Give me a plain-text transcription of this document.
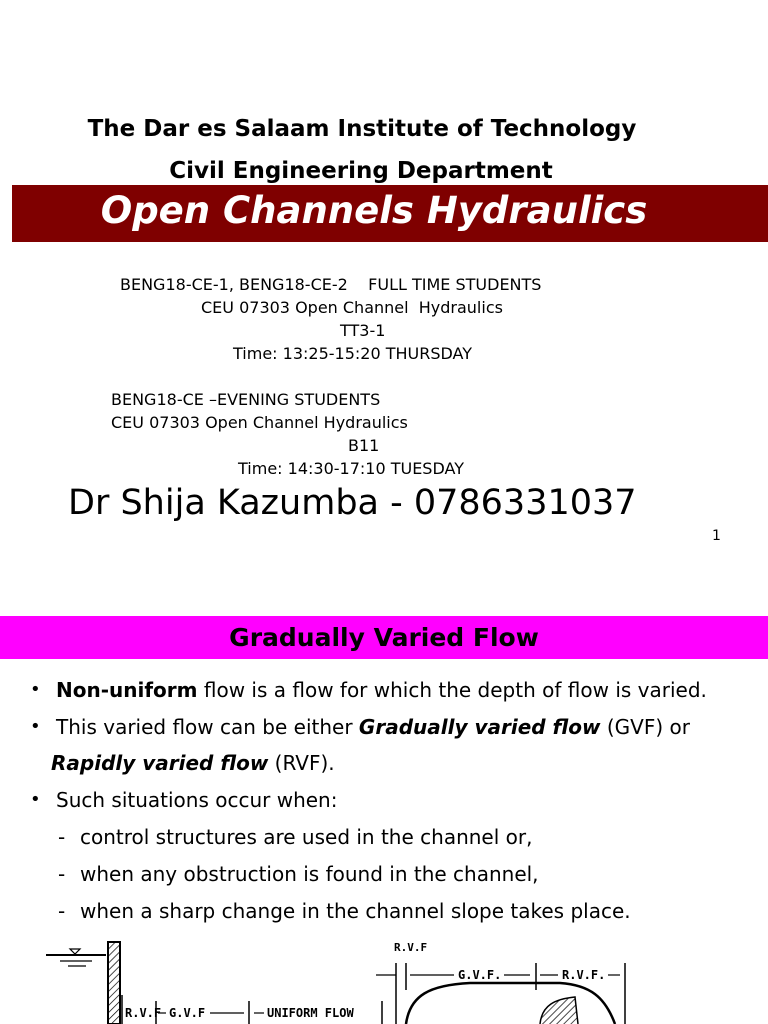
The Dar es Salaam Institute of Technology
Civil Engineering Department
Open Channels Hydraulics
BENG18-CE-1, BENG18-CE-2    FULL TIME STUDENTS
CEU 07303 Open Channel  Hydraulics
TT3-1
Time: 13:25-15:20 THURSDAY
BENG18-CE –EVENING STUDENTS
CEU 07303 Open Channel Hydraulics
B11
Time: 14:30-17:10 TUESDAY
Dr Shija Kazumba - 0786331037
1
Gradually Varied Flow
• Non-uniform flow is a flow for which the depth of flow is varied.
• This varied flow can be either Gradually varied flow (GVF) or
Rapidly varied flow (RVF).
• Such situations occur when:
- control structures are used in the channel or,
- when any obstruction is found in the channel,
- when a sharp change in the channel slope takes place.
R.V.F G.V.F	UNIFORM FLOW
R.V.F
G.V.F.	R.V.F.
